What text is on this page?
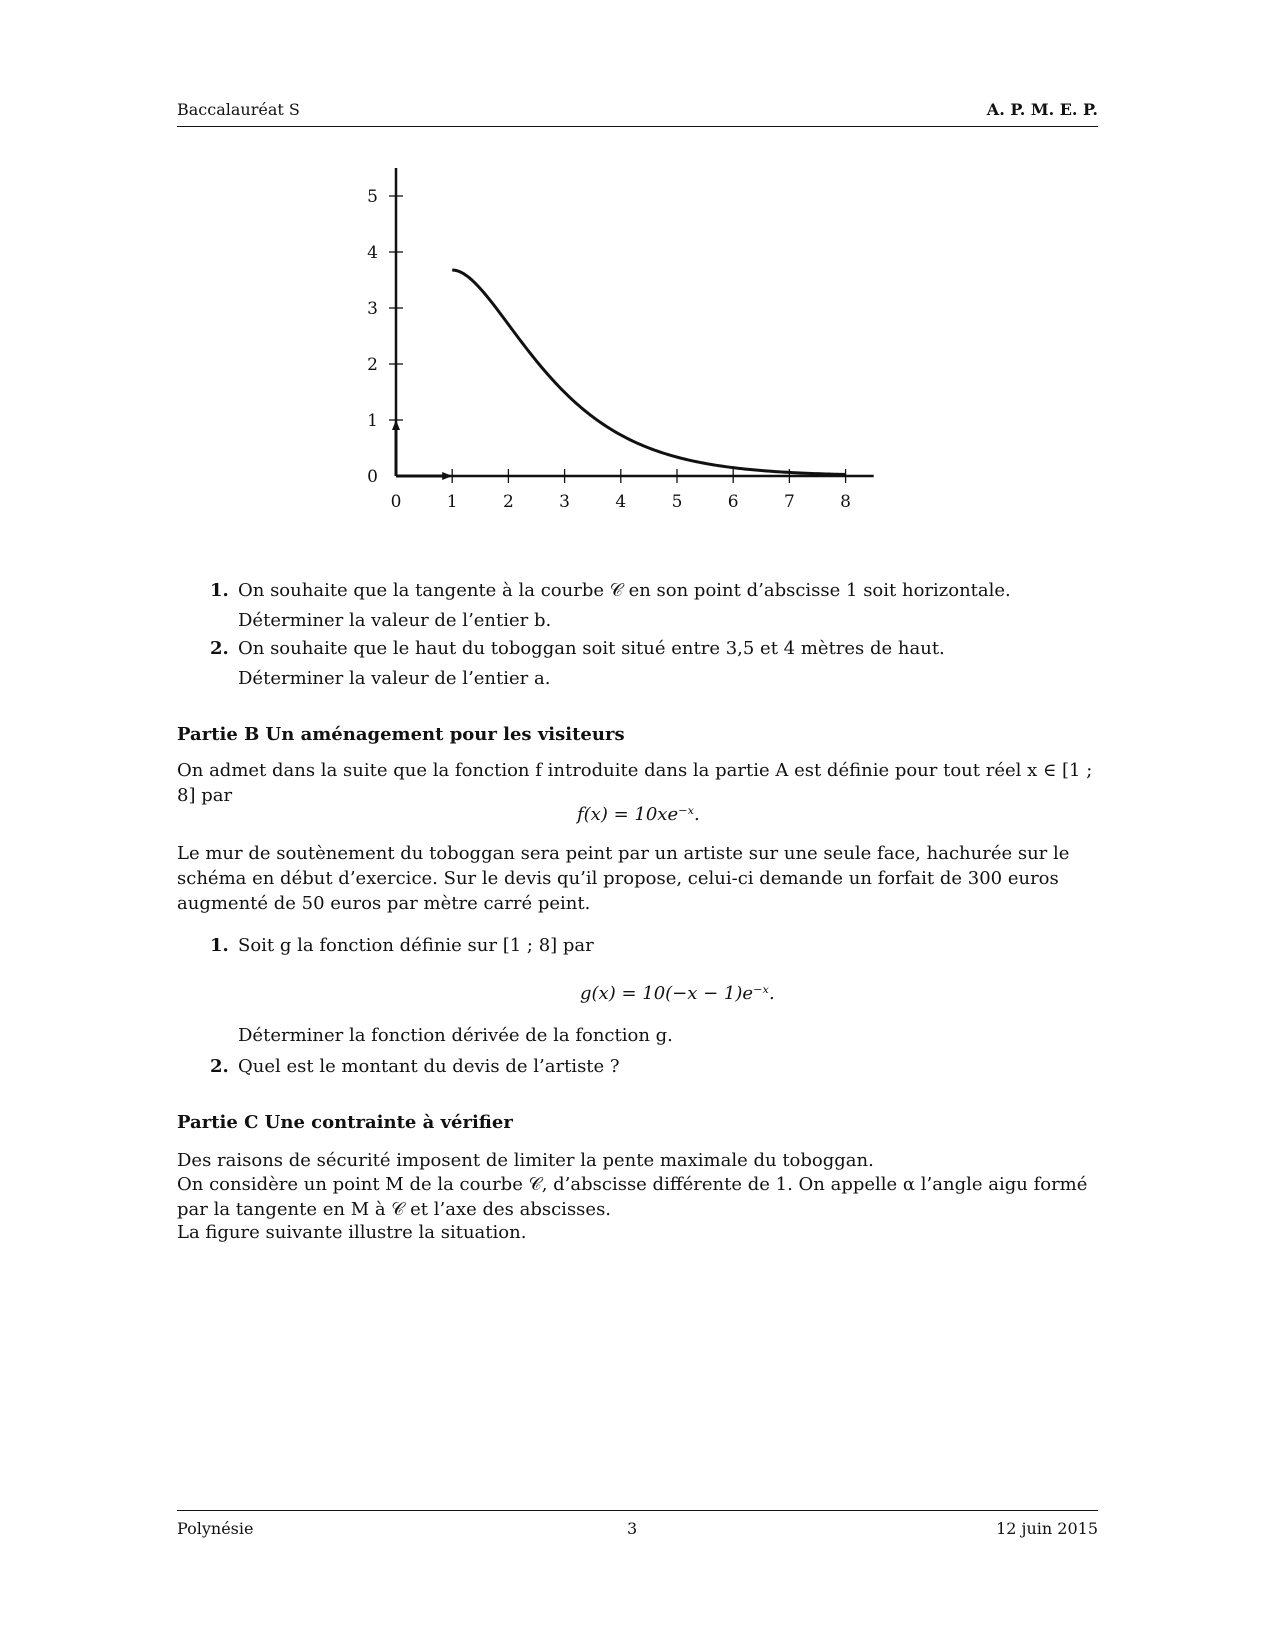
Baccalauréat S	A. P. M. E. P.
0	1	2	3	4	5	6	7	8
0
1
2
3
4
5
1. On souhaite que la tangente à la courbe 𝒞 en son point d’abscisse 1 soit horizontale.
Déterminer la valeur de l’entier b.
2. On souhaite que le haut du toboggan soit situé entre 3,5 et 4 mètres de haut.
Déterminer la valeur de l’entier a.
Partie B Un aménagement pour les visiteurs
On admet dans la suite que la fonction f introduite dans la partie A est définie pour tout réel x ∈ [1 ; 8] par
f(x) = 10xe⁻ˣ.
Le mur de soutènement du toboggan sera peint par un artiste sur une seule face, hachurée sur le schéma en début d’exercice. Sur le devis qu’il propose, celui-ci demande un forfait de 300 euros augmenté de 50 euros par mètre carré peint.
1. Soit g la fonction définie sur [1 ; 8] par
g(x) = 10(−x − 1)e⁻ˣ.
Déterminer la fonction dérivée de la fonction g.
2. Quel est le montant du devis de l’artiste ?
Partie C Une contrainte à vérifier
Des raisons de sécurité imposent de limiter la pente maximale du toboggan.
On considère un point M de la courbe 𝒞, d’abscisse différente de 1. On appelle α l’angle aigu formé par la tangente en M à 𝒞 et l’axe des abscisses.
La figure suivante illustre la situation.
Polynésie	3	12 juin 2015
